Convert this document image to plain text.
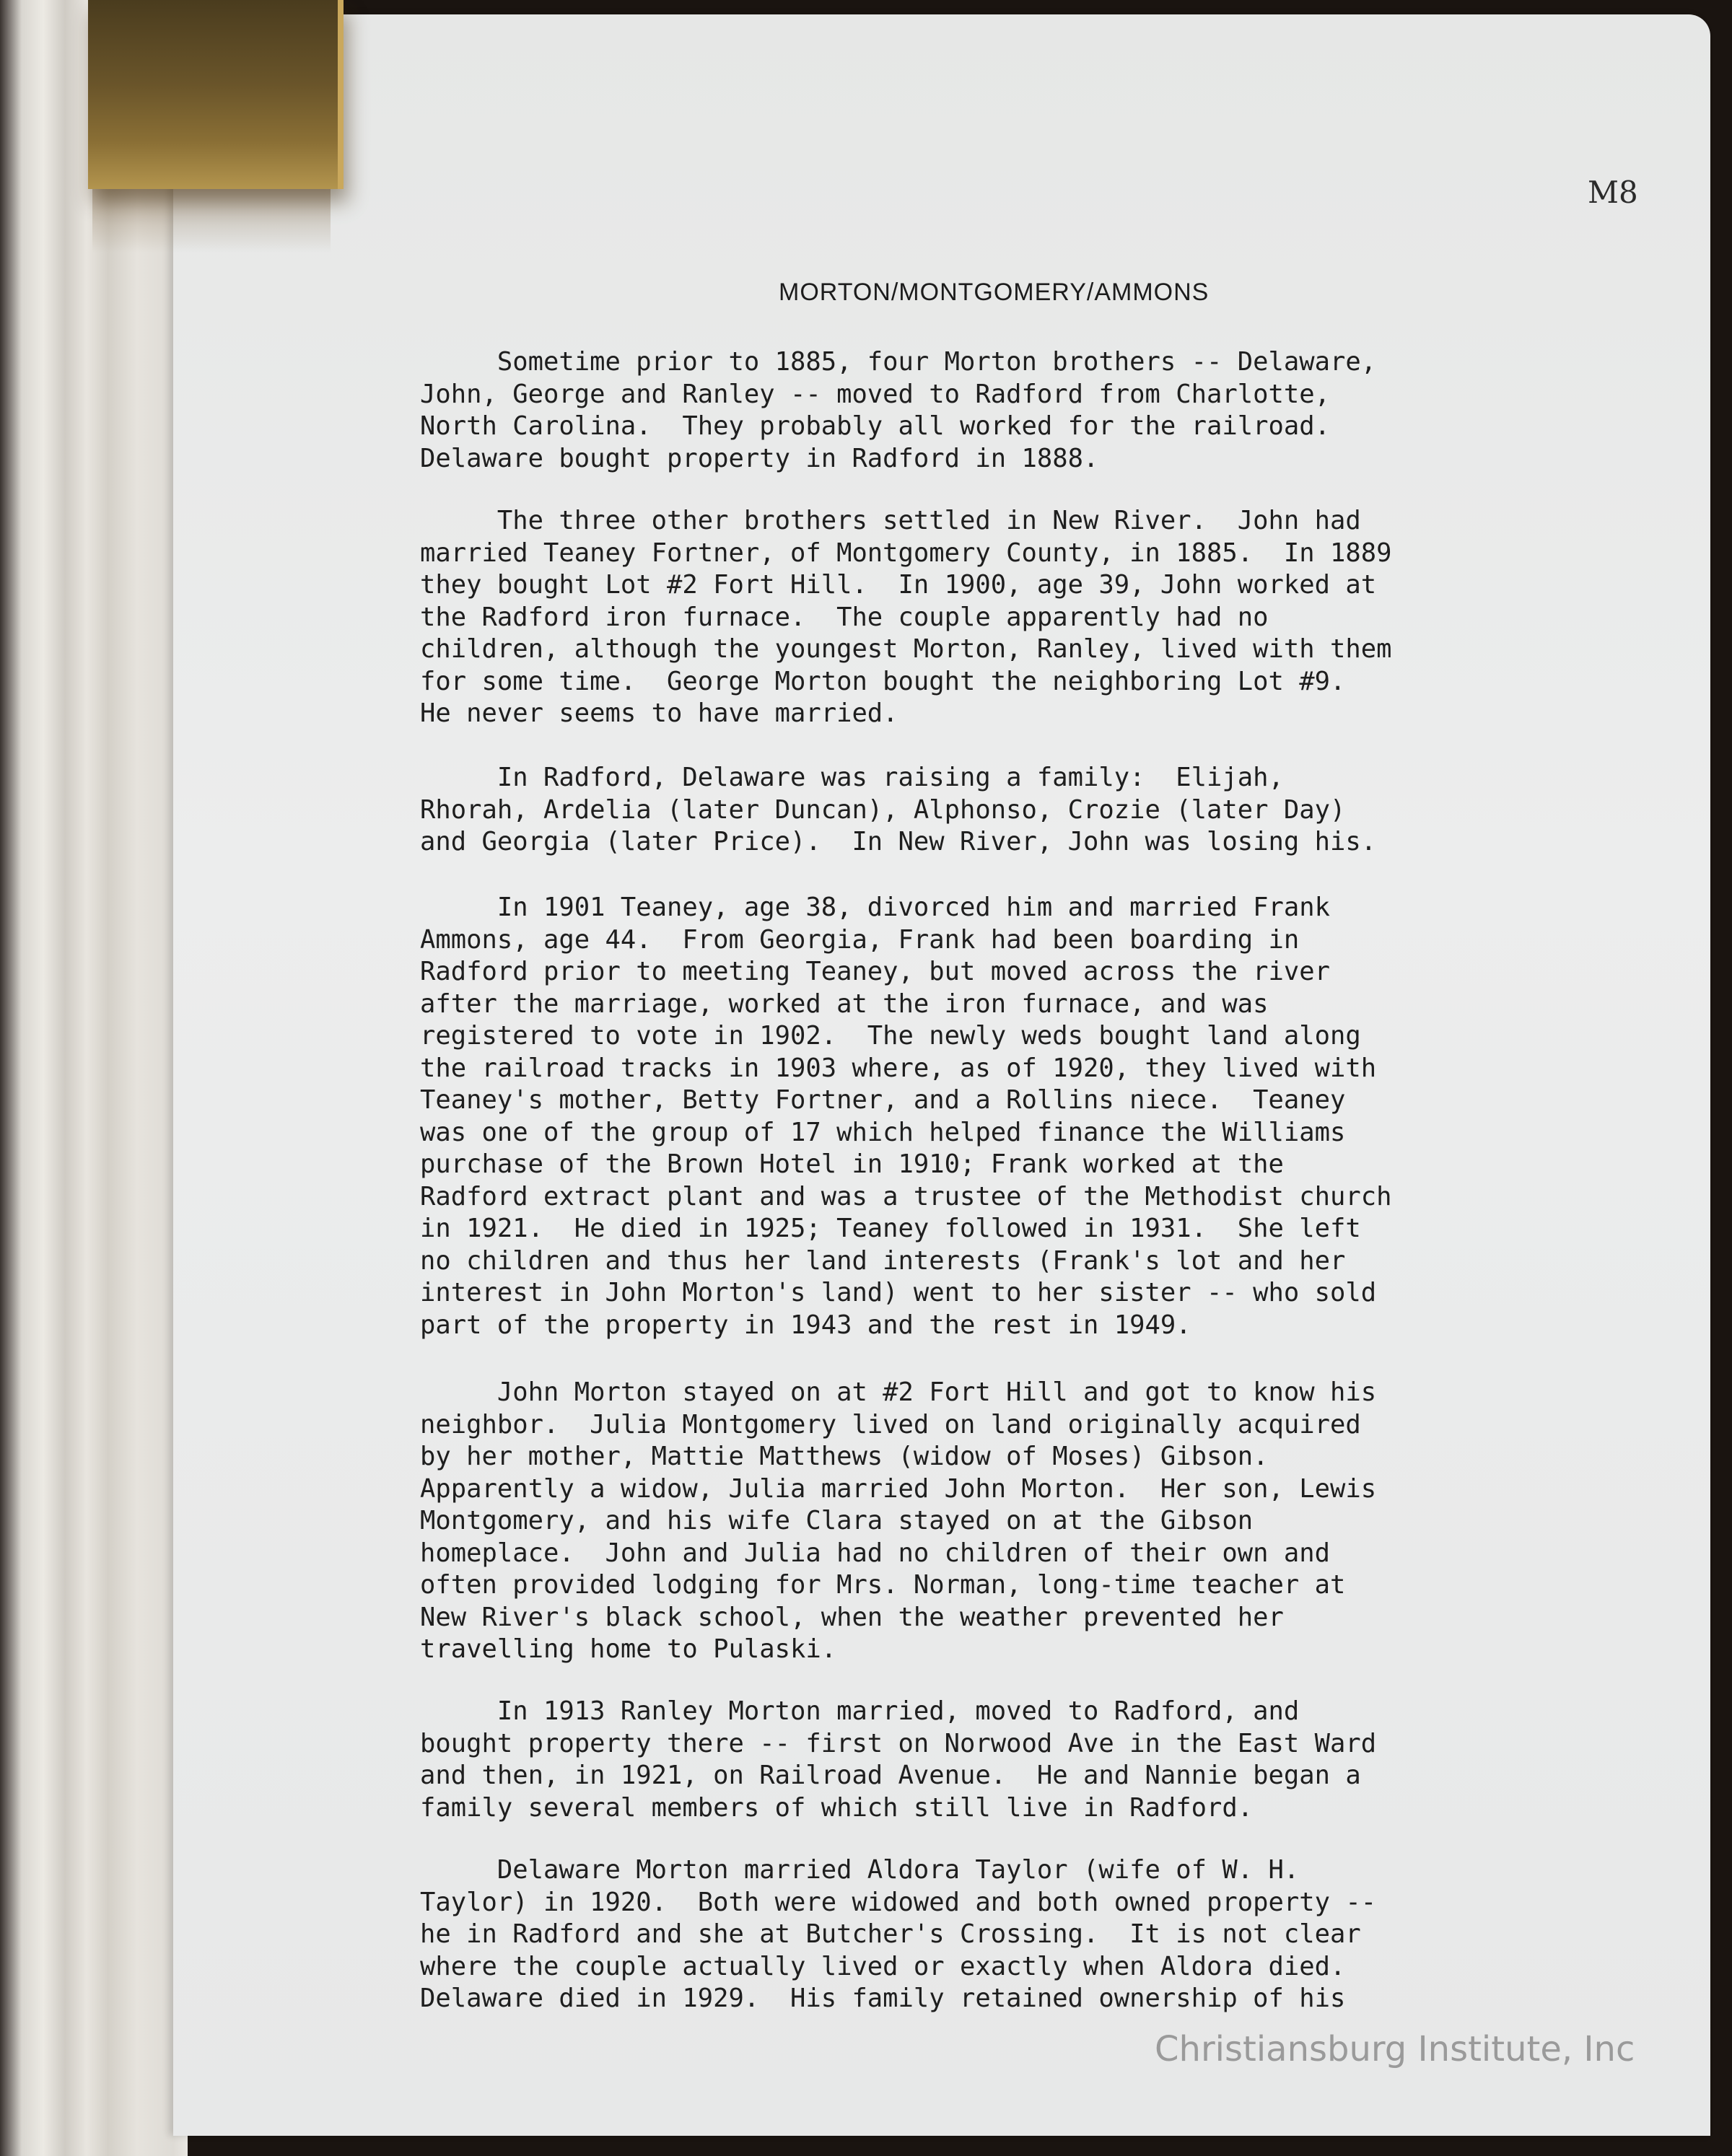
M8
MORTON/MONTGOMERY/AMMONS

Sometime prior to 1885, four Morton brothers -- Delaware,
John, George and Ranley -- moved to Radford from Charlotte,
North Carolina.  They probably all worked for the railroad.
Delaware bought property in Radford in 1888.

The three other brothers settled in New River.  John had
married Teaney Fortner, of Montgomery County, in 1885.  In 1889
they bought Lot #2 Fort Hill.  In 1900, age 39, John worked at
the Radford iron furnace.  The couple apparently had no
children, although the youngest Morton, Ranley, lived with them
for some time.  George Morton bought the neighboring Lot #9.
He never seems to have married.

In Radford, Delaware was raising a family:  Elijah,
Rhorah, Ardelia (later Duncan), Alphonso, Crozie (later Day)
and Georgia (later Price).  In New River, John was losing his.

In 1901 Teaney, age 38, divorced him and married Frank
Ammons, age 44.  From Georgia, Frank had been boarding in
Radford prior to meeting Teaney, but moved across the river
after the marriage, worked at the iron furnace, and was
registered to vote in 1902.  The newly weds bought land along
the railroad tracks in 1903 where, as of 1920, they lived with
Teaney's mother, Betty Fortner, and a Rollins niece.  Teaney
was one of the group of 17 which helped finance the Williams
purchase of the Brown Hotel in 1910; Frank worked at the
Radford extract plant and was a trustee of the Methodist church
in 1921.  He died in 1925; Teaney followed in 1931.  She left
no children and thus her land interests (Frank's lot and her
interest in John Morton's land) went to her sister -- who sold
part of the property in 1943 and the rest in 1949.

John Morton stayed on at #2 Fort Hill and got to know his
neighbor.  Julia Montgomery lived on land originally acquired
by her mother, Mattie Matthews (widow of Moses) Gibson.
Apparently a widow, Julia married John Morton.  Her son, Lewis
Montgomery, and his wife Clara stayed on at the Gibson
homeplace.  John and Julia had no children of their own and
often provided lodging for Mrs. Norman, long-time teacher at
New River's black school, when the weather prevented her
travelling home to Pulaski.

In 1913 Ranley Morton married, moved to Radford, and
bought property there -- first on Norwood Ave in the East Ward
and then, in 1921, on Railroad Avenue.  He and Nannie began a
family several members of which still live in Radford.

Delaware Morton married Aldora Taylor (wife of W. H.
Taylor) in 1920.  Both were widowed and both owned property --
he in Radford and she at Butcher's Crossing.  It is not clear
where the couple actually lived or exactly when Aldora died.
Delaware died in 1929.  His family retained ownership of his

Christiansburg Institute, Inc
